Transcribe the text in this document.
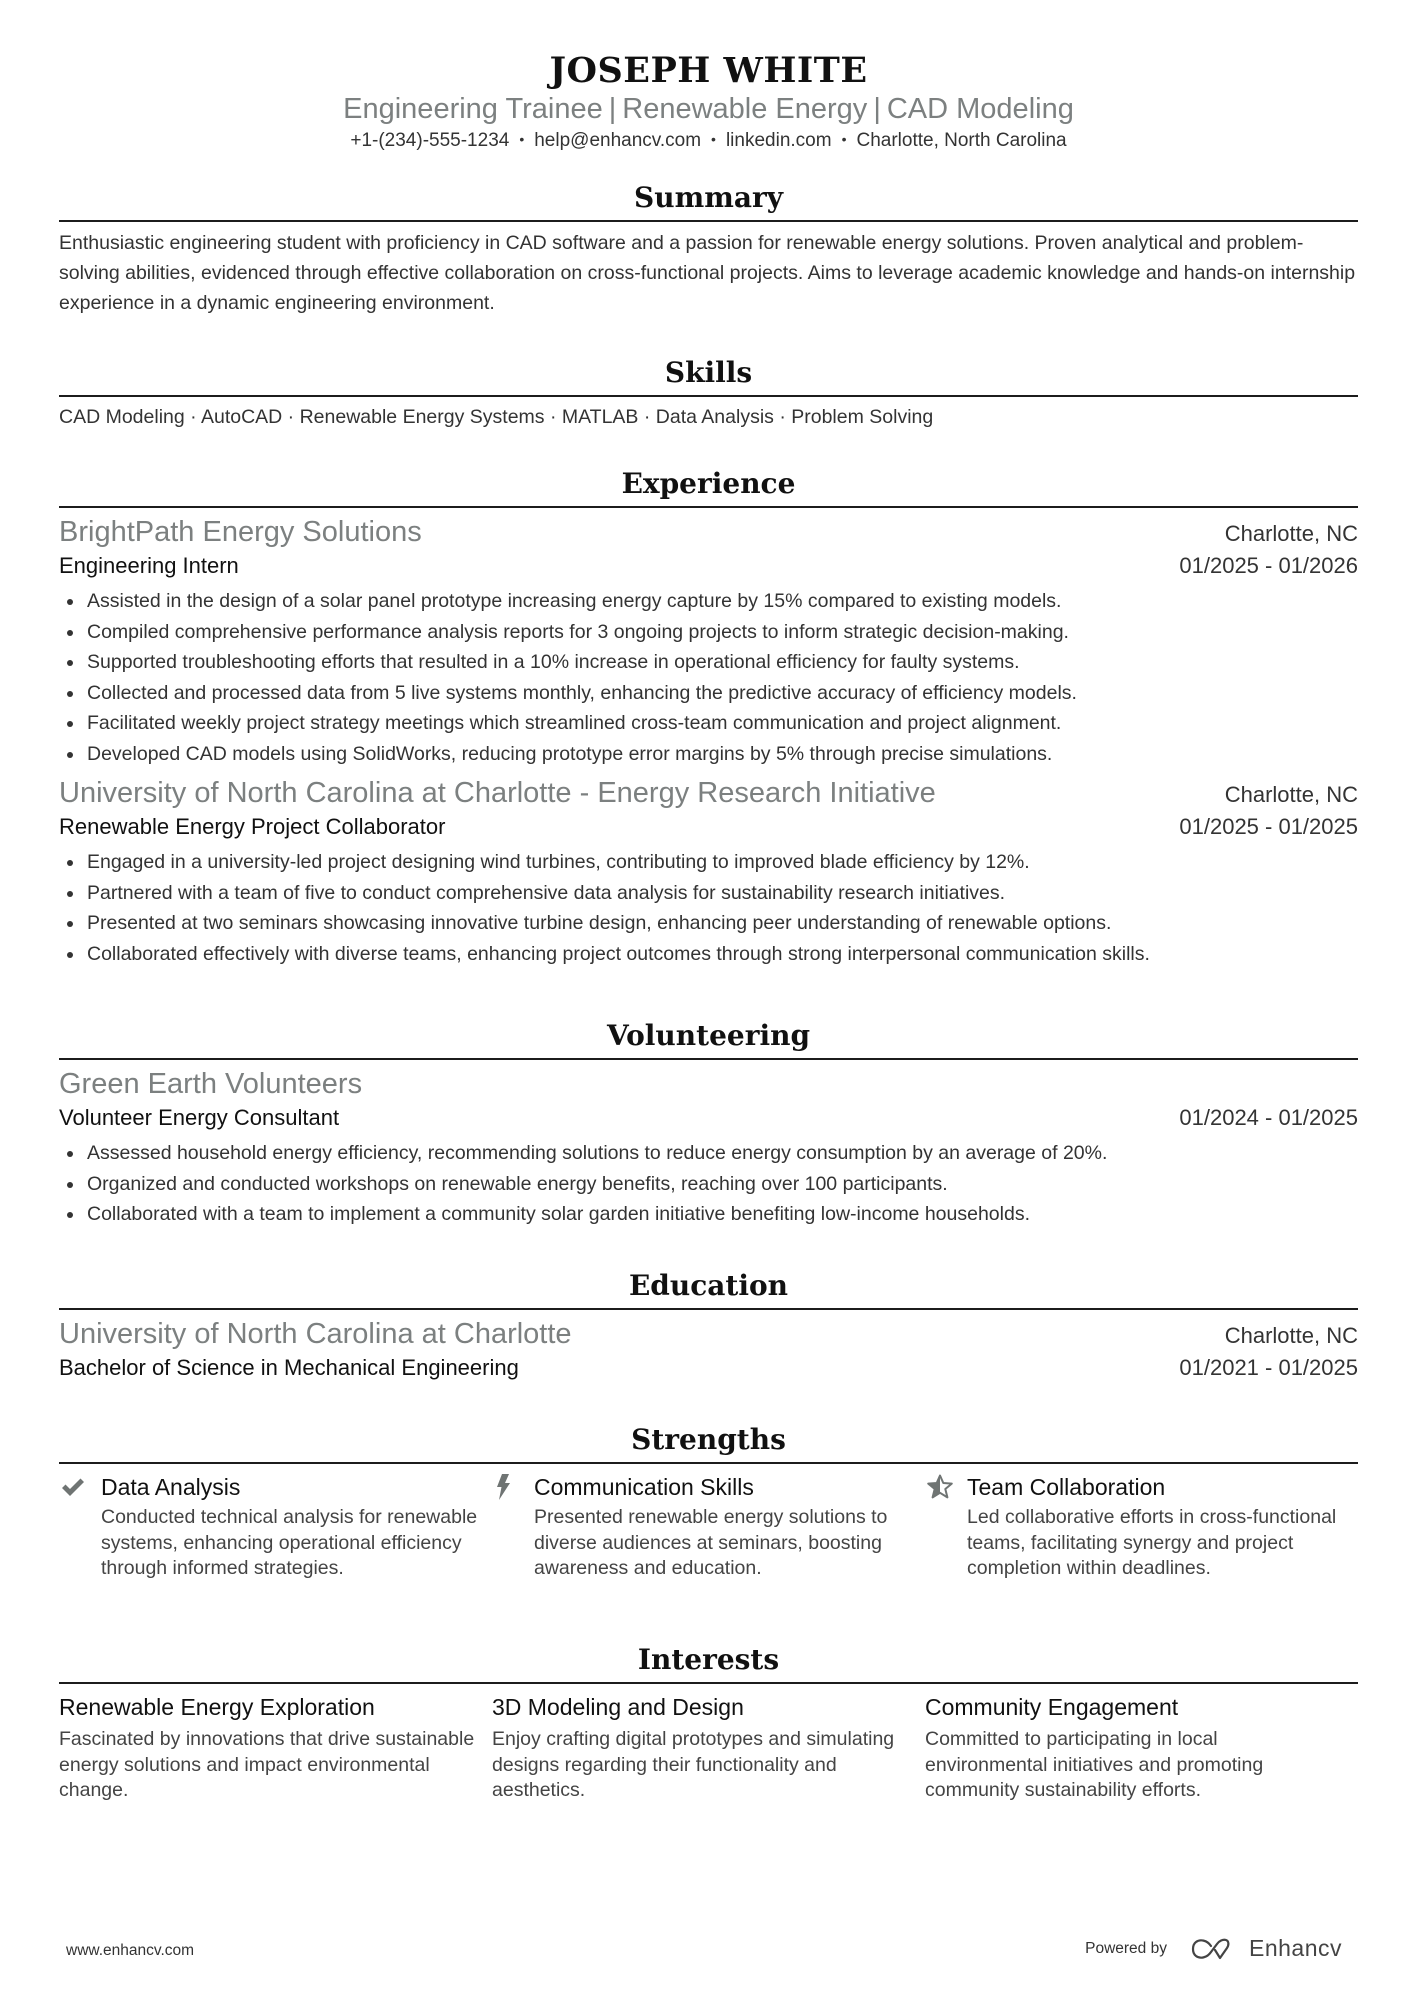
JOSEPH WHITE
Engineering Trainee | Renewable Energy | CAD Modeling
+1-(234)-555-1234 • help@enhancv.com • linkedin.com • Charlotte, North Carolina
Summary
Enthusiastic engineering student with proficiency in CAD software and a passion for renewable energy solutions. Proven analytical and problem-solving abilities, evidenced through effective collaboration on cross-functional projects. Aims to leverage academic knowledge and hands-on internship experience in a dynamic engineering environment.
Skills
CAD Modeling · AutoCAD · Renewable Energy Systems · MATLAB · Data Analysis · Problem Solving
Experience
BrightPath Energy Solutions	Charlotte, NC
Engineering Intern	01/2025 - 01/2026
Assisted in the design of a solar panel prototype increasing energy capture by 15% compared to existing models.
Compiled comprehensive performance analysis reports for 3 ongoing projects to inform strategic decision-making.
Supported troubleshooting efforts that resulted in a 10% increase in operational efficiency for faulty systems.
Collected and processed data from 5 live systems monthly, enhancing the predictive accuracy of efficiency models.
Facilitated weekly project strategy meetings which streamlined cross-team communication and project alignment.
Developed CAD models using SolidWorks, reducing prototype error margins by 5% through precise simulations.
University of North Carolina at Charlotte - Energy Research Initiative	Charlotte, NC
Renewable Energy Project Collaborator	01/2025 - 01/2025
Engaged in a university-led project designing wind turbines, contributing to improved blade efficiency by 12%.
Partnered with a team of five to conduct comprehensive data analysis for sustainability research initiatives.
Presented at two seminars showcasing innovative turbine design, enhancing peer understanding of renewable options.
Collaborated effectively with diverse teams, enhancing project outcomes through strong interpersonal communication skills.
Volunteering
Green Earth Volunteers
Volunteer Energy Consultant	01/2024 - 01/2025
Assessed household energy efficiency, recommending solutions to reduce energy consumption by an average of 20%.
Organized and conducted workshops on renewable energy benefits, reaching over 100 participants.
Collaborated with a team to implement a community solar garden initiative benefiting low-income households.
Education
University of North Carolina at Charlotte	Charlotte, NC
Bachelor of Science in Mechanical Engineering	01/2021 - 01/2025
Strengths
Data Analysis
Conducted technical analysis for renewable systems, enhancing operational efficiency through informed strategies.
Communication Skills
Presented renewable energy solutions to diverse audiences at seminars, boosting awareness and education.
Team Collaboration
Led collaborative efforts in cross-functional teams, facilitating synergy and project completion within deadlines.
Interests
Renewable Energy Exploration
Fascinated by innovations that drive sustainable energy solutions and impact environmental change.
3D Modeling and Design
Enjoy crafting digital prototypes and simulating designs regarding their functionality and aesthetics.
Community Engagement
Committed to participating in local environmental initiatives and promoting community sustainability efforts.
www.enhancv.com	Powered by	Enhancv
